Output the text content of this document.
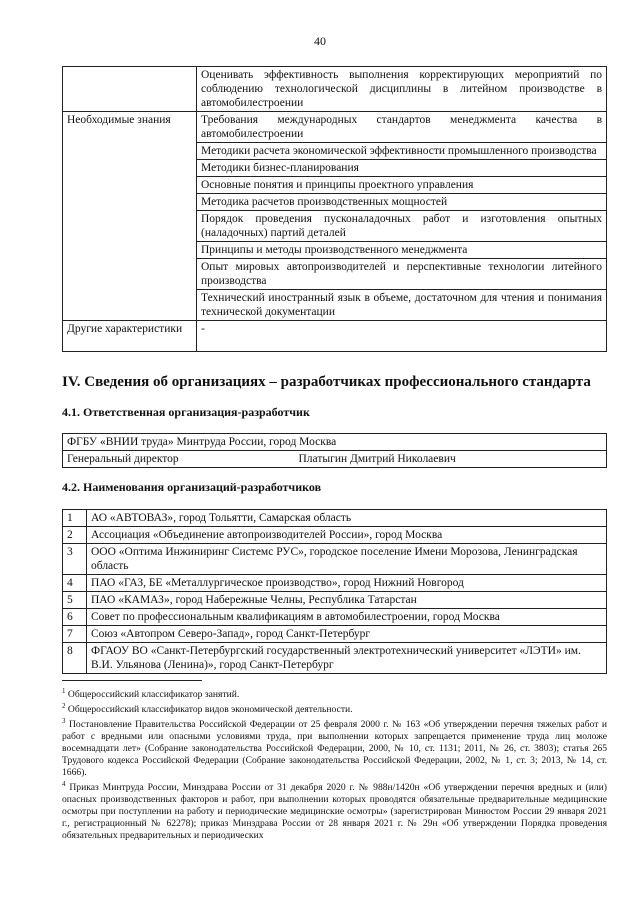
40
	Оценивать эффективность выполнения корректирующих мероприятий по соблюдению технологической дисциплины в литейном производстве в автомобилестроении
Необходимые знания	Требования международных стандартов менеджмента качества в автомобилестроении
	Методики расчета экономической эффективности промышленного производства
	Методики бизнес-планирования
	Основные понятия и принципы проектного управления
	Методика расчетов производственных мощностей
	Порядок проведения пусконаладочных работ и изготовления опытных (наладочных) партий деталей
	Принципы и методы производственного менеджмента
	Опыт мировых автопроизводителей и перспективные технологии литейного производства
	Технический иностранный язык в объеме, достаточном для чтения и понимания технической документации
Другие характеристики	-
IV. Сведения об организациях – разработчиках профессионального стандарта
4.1. Ответственная организация-разработчик
ФГБУ «ВНИИ труда» Минтруда России, город Москва
Генеральный директор	Платыгин Дмитрий Николаевич
4.2. Наименования организаций-разработчиков
1	АО «АВТОВАЗ», город Тольятти, Самарская область
2	Ассоциация «Объединение автопроизводителей России», город Москва
3	ООО «Оптима Инжиниринг Системс РУС», городское поселение Имени Морозова, Ленинградская область
4	ПАО «ГАЗ, БЕ «Металлургическое производство», город Нижний Новгород
5	ПАО «КАМАЗ», город Набережные Челны, Республика Татарстан
6	Совет по профессиональным квалификациям в автомобилестроении, город Москва
7	Союз «Автопром Северо-Запад», город Санкт-Петербург
8	ФГАОУ ВО «Санкт-Петербургский государственный электротехнический университет «ЛЭТИ» им. В.И. Ульянова (Ленина)», город Санкт-Петербург

$^1$ Общероссийский классификатор занятий.

$^2$ Общероссийский классификатор видов экономической деятельности.

$^3$ Постановление Правительства Российской Федерации от 25 февраля 2000 г. № 163 «Об утверждении перечня тяжелых работ и работ с вредными или опасными условиями труда, при выполнении которых запрещается применение труда лиц моложе восемнадцати лет» (Собрание законодательства Российской Федерации, 2000, № 10, ст. 1131; 2011, № 26, ст. 3803); статья 265 Трудового кодекса Российской Федерации (Собрание законодательства Российской Федерации, 2002, № 1, ст. 3; 2013, № 14, ст. 1666).

$^4$ Приказ Минтруда России, Минздрава России от 31 декабря 2020 г. № 988н/1420н «Об утверждении перечня вредных и (или) опасных производственных факторов и работ, при выполнении которых проводятся обязательные предварительные медицинские осмотры при поступлении на работу и периодические медицинские осмотры» (зарегистрирован Минюстом России 29 января 2021 г., регистрационный № 62278); приказ Минздрава России от 28 января 2021 г. № 29н «Об утверждении Порядка проведения обязательных предварительных и периодических
